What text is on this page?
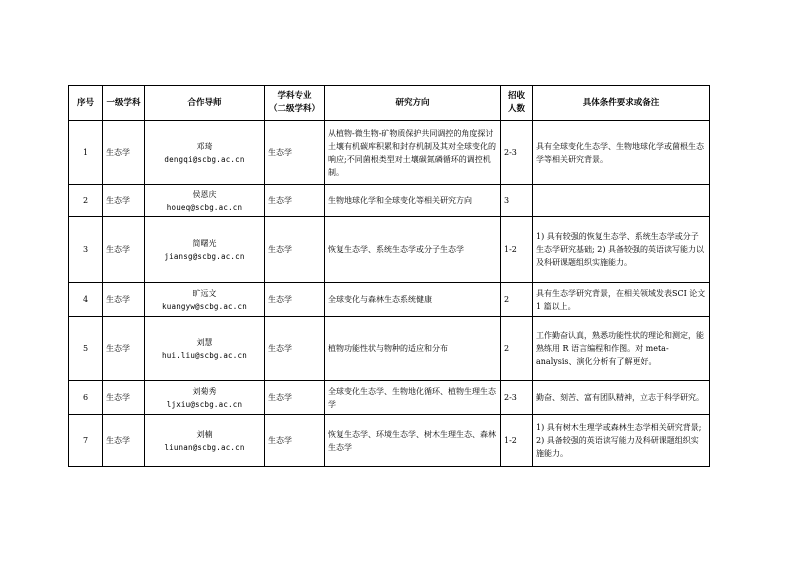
序号	一级学科	合作导师	学科专业
（二级学科）	研究方向	招收人数	具体条件要求或备注
1	生态学	邓琦
dengqi@scbg.ac.cn	生态学	从植物-微生物-矿物质保护共同调控的角度探讨土壤有机碳库积累和封存机制及其对全球变化的响应;不同菌根类型对土壤碳氮磷循环的调控机制。	2-3	具有全球变化生态学、生物地球化学或菌根生态学等相关研究背景。
2	生态学	侯恩庆
houeq@scbg.ac.cn	生态学	生物地球化学和全球变化等相关研究方向	3	
3	生态学	简曙光
jiansg@scbg.ac.cn	生态学	恢复生态学、系统生态学或分子生态学	1-2	1) 具有较强的恢复生态学、系统生态学或分子生态学研究基础; 2) 具备较强的英语读写能力以及科研课题组织实施能力。
4	生态学	旷远文
kuangyw@scbg.ac.cn	生态学	全球变化与森林生态系统健康	2	具有生态学研究背景，在相关领域发表SCI 论文 1 篇以上。
5	生态学	刘慧
hui.liu@scbg.ac.cn	生态学	植物功能性状与物种的适应和分布	2	工作勤奋认真，熟悉功能性状的理论和测定，能熟练用 R 语言编程和作图。对 meta-analysis、演化分析有了解更好。
6	生态学	刘菊秀
ljxiu@scbg.ac.cn	生态学	全球变化生态学、生物地化循环、植物生理生态学	2-3	勤奋、刻苦、富有团队精神，立志于科学研究。
7	生态学	刘楠
liunan@scbg.ac.cn	生态学	恢复生态学、环境生态学、树木生理生态、森林生态学	1-2	1) 具有树木生理学或森林生态学相关研究背景; 2) 具备较强的英语读写能力及科研课题组织实施能力。
